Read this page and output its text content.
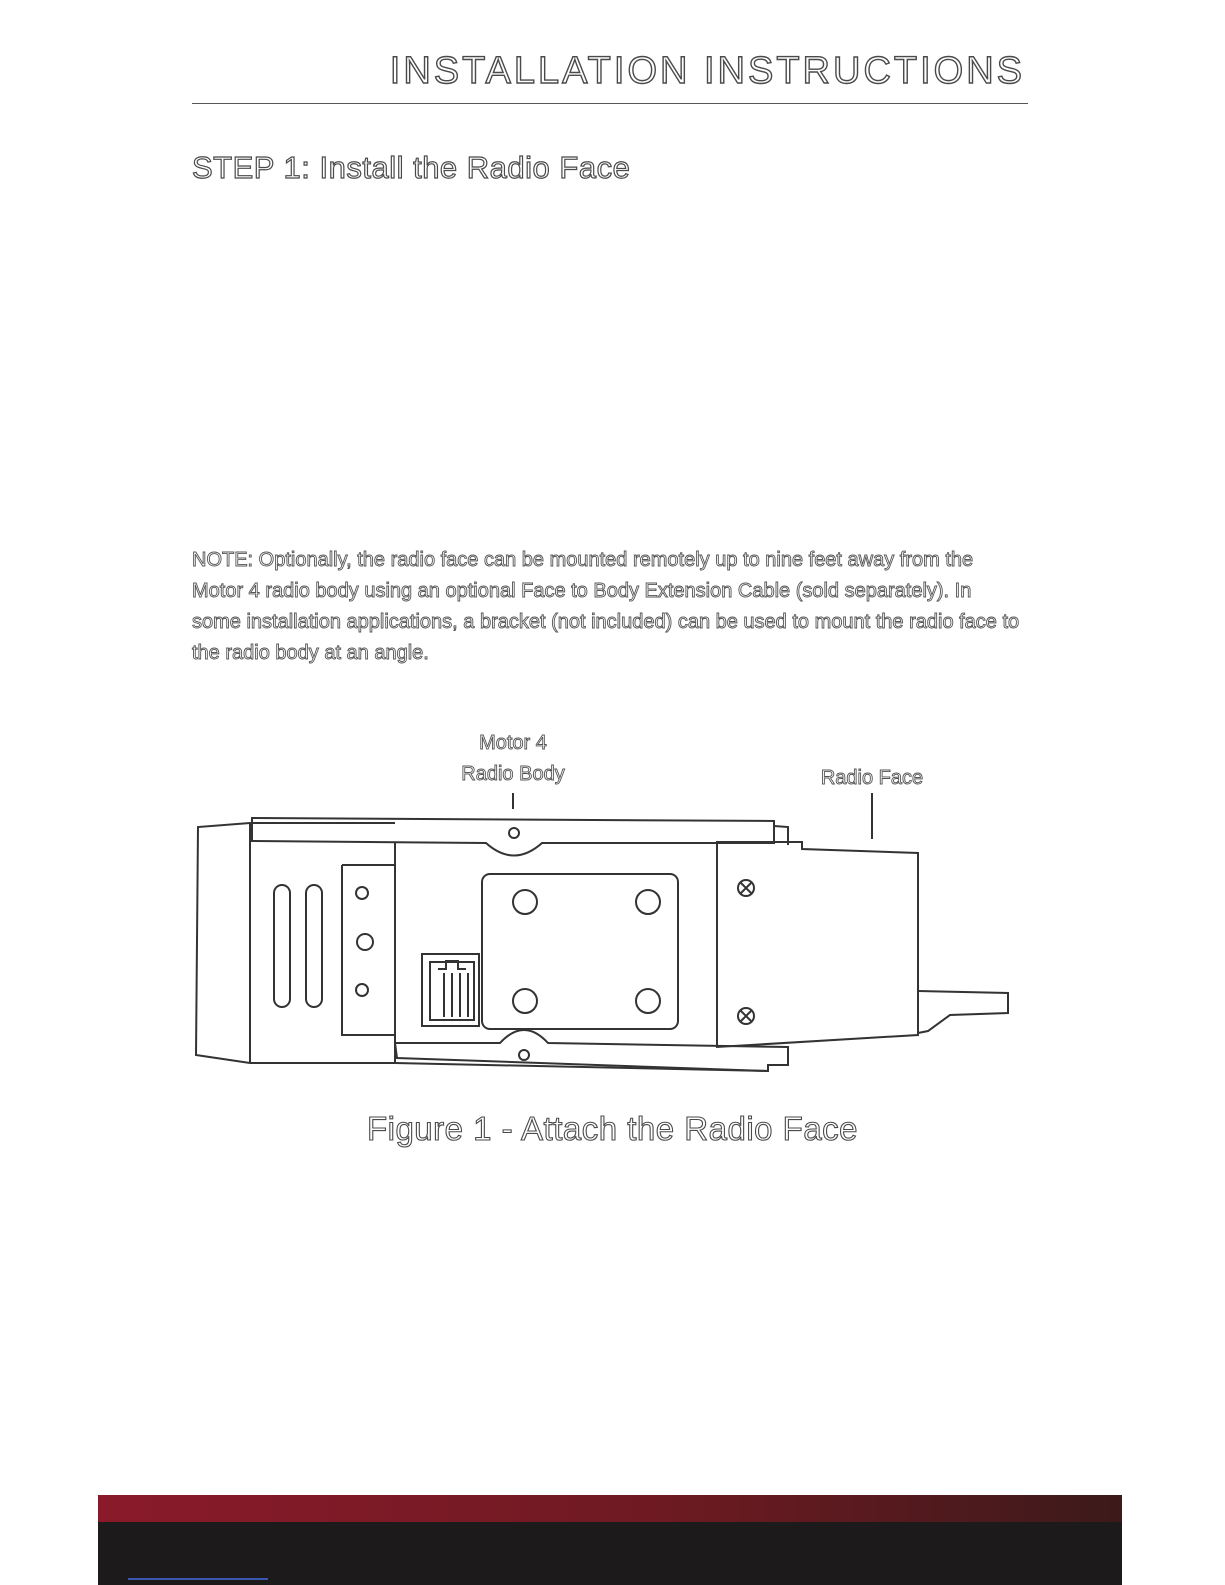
INSTALLATION INSTRUCTIONS
STEP 1: Install the Radio Face

NOTE: Optionally, the radio face can be mounted remotely up to nine feet away from the Motor 4 radio body using an optional Face to Body Extension Cable (sold separately). In some installation applications, a bracket (not included) can be used to mount the radio face to the radio body at an angle.

Motor 4
Radio Body	Radio Face
Figure 1 - Attach the Radio Face
